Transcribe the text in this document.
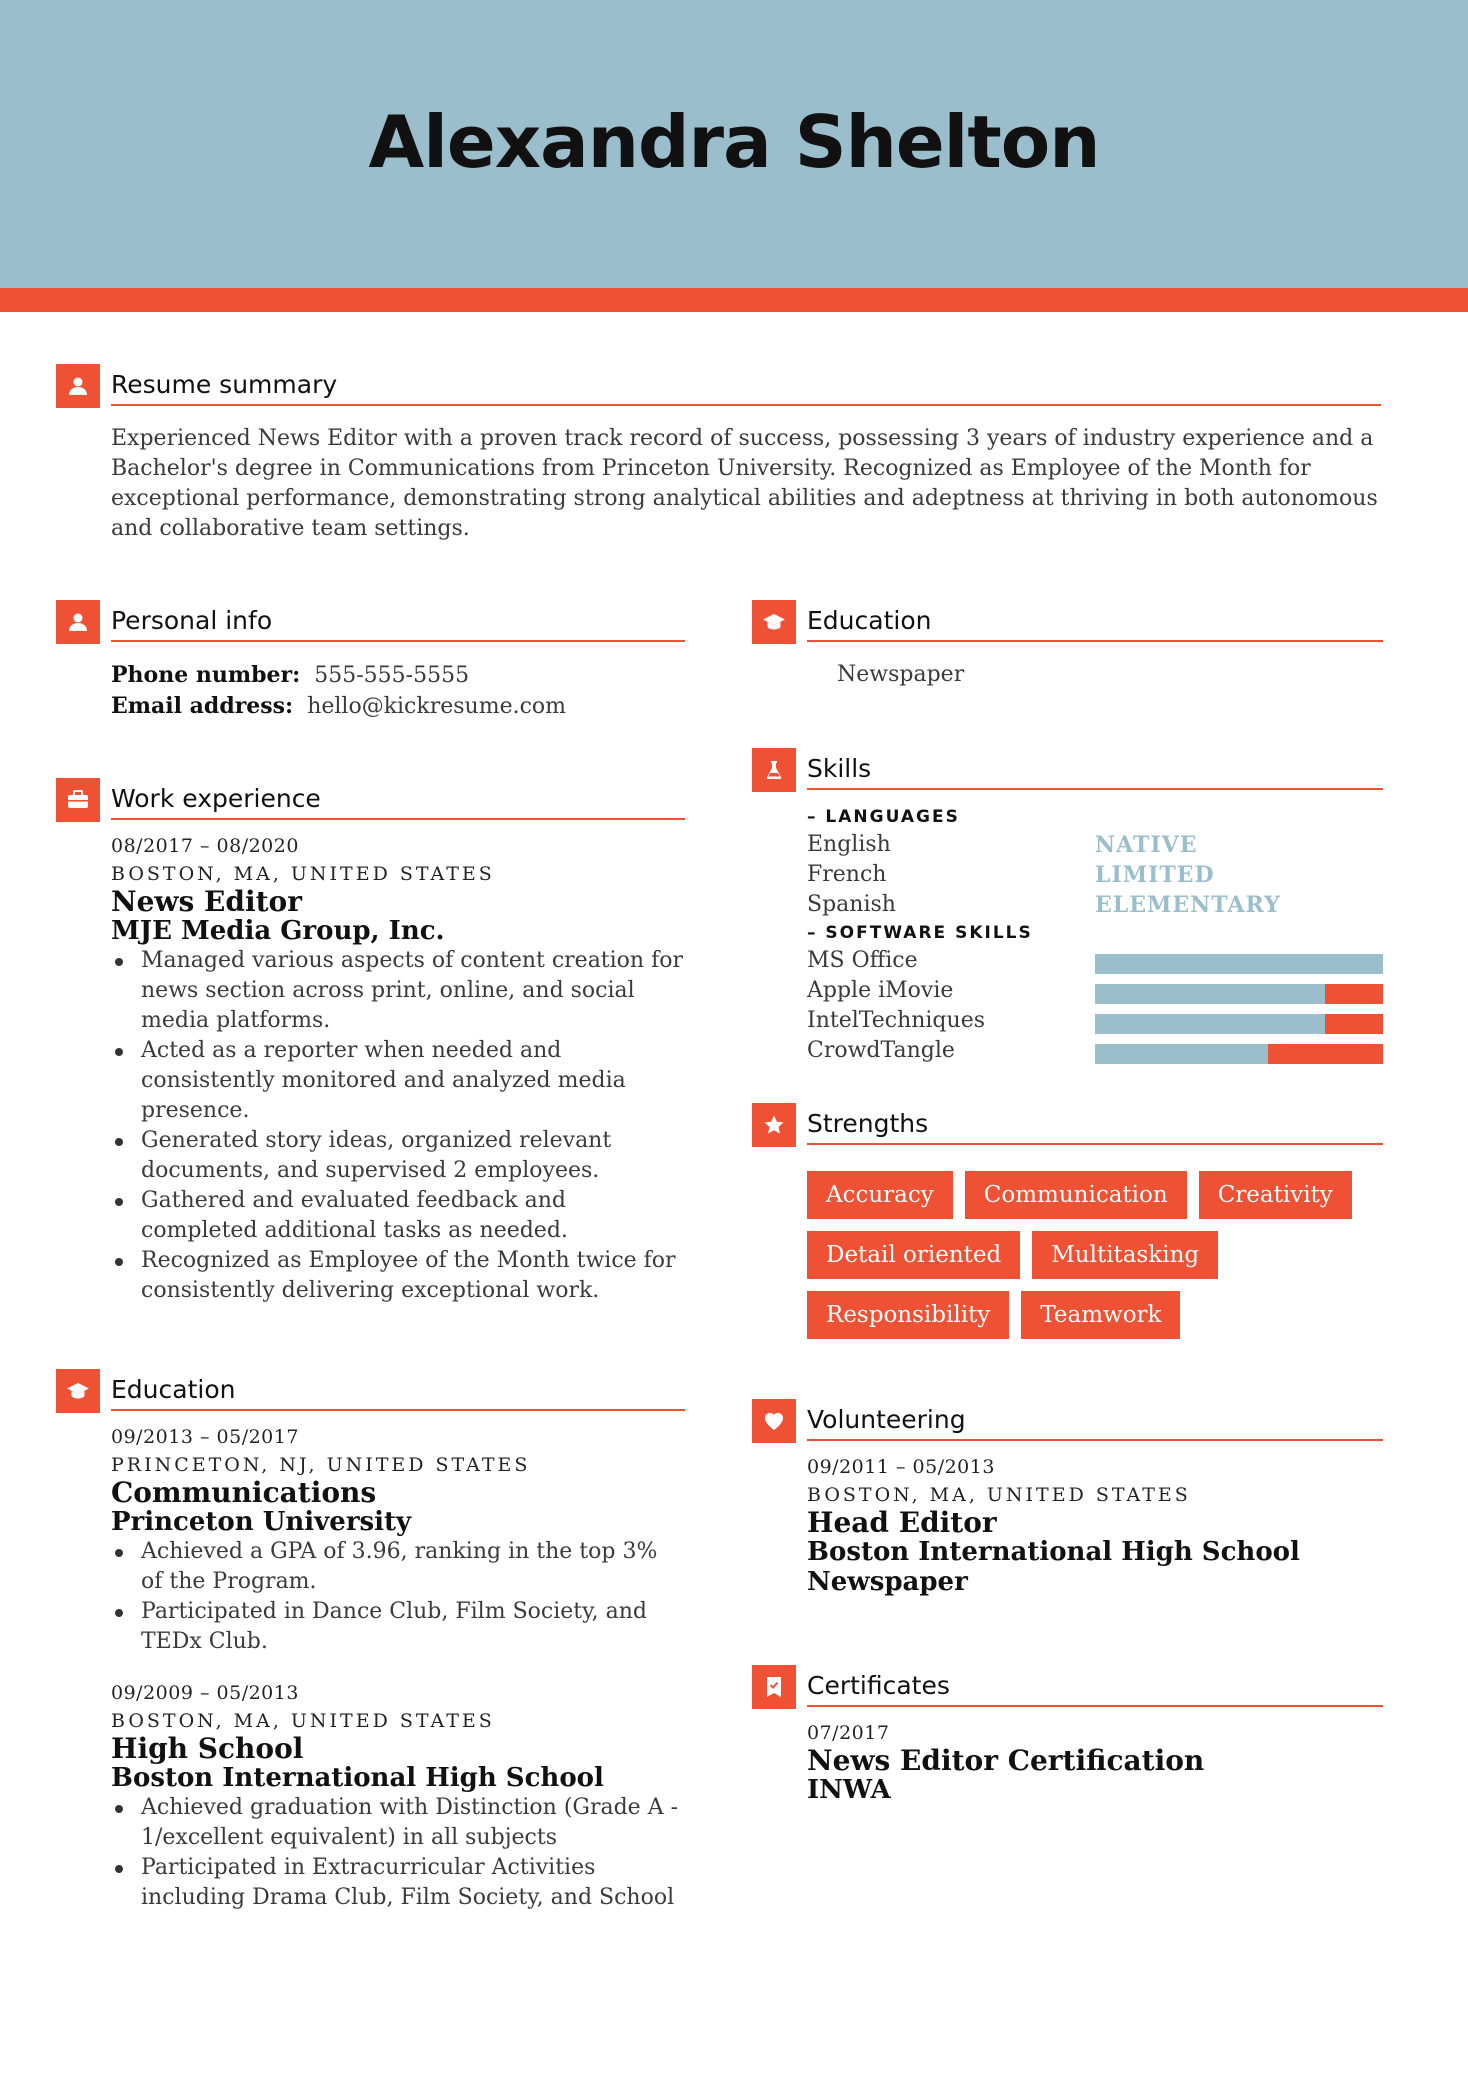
Alexandra Shelton
Resume summary
Experienced News Editor with a proven track record of success, possessing 3 years of industry experience and a Bachelor's degree in Communications from Princeton University. Recognized as Employee of the Month for exceptional performance, demonstrating strong analytical abilities and adeptness at thriving in both autonomous and collaborative team settings.
Personal info
Phone number: 555-555-5555
Email address: hello@kickresume.com
Work experience
08/2017 – 08/2020
BOSTON, MA, UNITED STATES
News Editor
MJE Media Group, Inc.
Managed various aspects of content creation for news section across print, online, and social media platforms.
Acted as a reporter when needed and consistently monitored and analyzed media presence.
Generated story ideas, organized relevant documents, and supervised 2 employees.
Gathered and evaluated feedback and completed additional tasks as needed.
Recognized as Employee of the Month twice for consistently delivering exceptional work.
Education
09/2013 – 05/2017
PRINCETON, NJ, UNITED STATES
Communications
Princeton University
Achieved a GPA of 3.96, ranking in the top 3% of the Program.
Participated in Dance Club, Film Society, and TEDx Club.
09/2009 – 05/2013
BOSTON, MA, UNITED STATES
High School
Boston International High School
Achieved graduation with Distinction (Grade A - 1/excellent equivalent) in all subjects
Participated in Extracurricular Activities including Drama Club, Film Society, and School
Education
Newspaper
Skills
– LANGUAGES
English	NATIVE
French	LIMITED
Spanish	ELEMENTARY
– SOFTWARE SKILLS
MS Office
Apple iMovie
IntelTechniques
CrowdTangle
Strengths
Accuracy	Communication	Creativity
Detail oriented	Multitasking
Responsibility	Teamwork
Volunteering
09/2011 – 05/2013
BOSTON, MA, UNITED STATES
Head Editor
Boston International High School Newspaper
Certificates
07/2017
News Editor Certification
INWA
